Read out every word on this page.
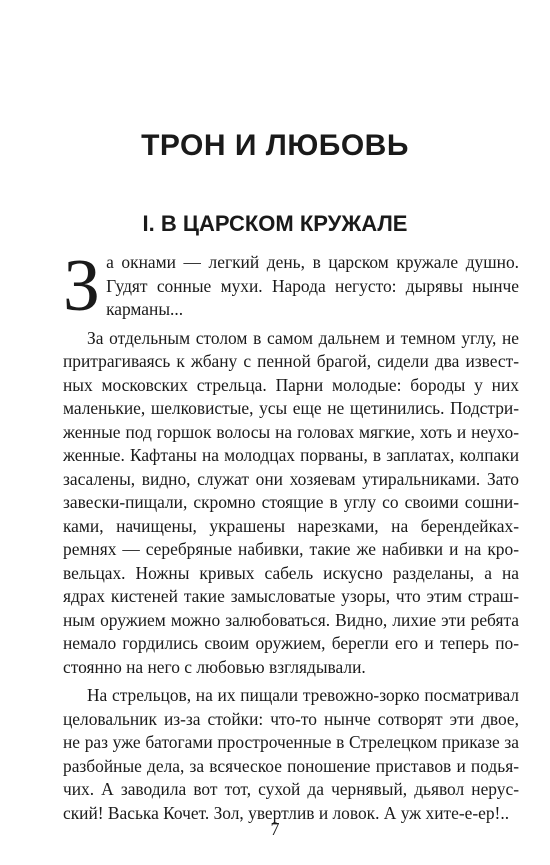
ТРОН И ЛЮБОВЬ
I. В ЦАРСКОМ КРУЖАЛЕ

За окнами — легкий день, в царском кружале душно. Гудят сонные мухи. Народа негусто: дырявы нынче карманы...

За отдельным столом в самом дальнем и темном углу, не притрагиваясь к жбану с пенной брагой, сидели два известных московских стрельца. Парни молодые: бороды у них маленькие, шелковистые, усы еще не щетинились. Подстриженные под горшок волосы на головах мягкие, хоть и неухоженные. Кафтаны на молодцах порваны, в заплатах, колпаки засалены, видно, служат они хозяевам утиральниками. Зато завески-пищали, скромно стоящие в углу со своими сошниками, начищены, украшены нарезками, на берендейках-ремнях — серебряные набивки, такие же набивки и на кровельцах. Ножны кривых сабель искусно разделаны, а на ядрах кистеней такие замысловатые узоры, что этим страшным оружием можно залюбоваться. Видно, лихие эти ребята немало гордились своим оружием, берегли его и теперь постоянно на него с любовью взглядывали.

На стрельцов, на их пищали тревожно-зорко посматривал целовальник из-за стойки: что-то нынче сотворят эти двое, не раз уже батогами простроченные в Стрелецком приказе за разбойные дела, за всяческое поношение приставов и подьячих. А заводила вот тот, сухой да чернявый, дьявол нерусский! Васька Кочет. Зол, увертлив и ловок. А уж хите-е-ер!..

7
